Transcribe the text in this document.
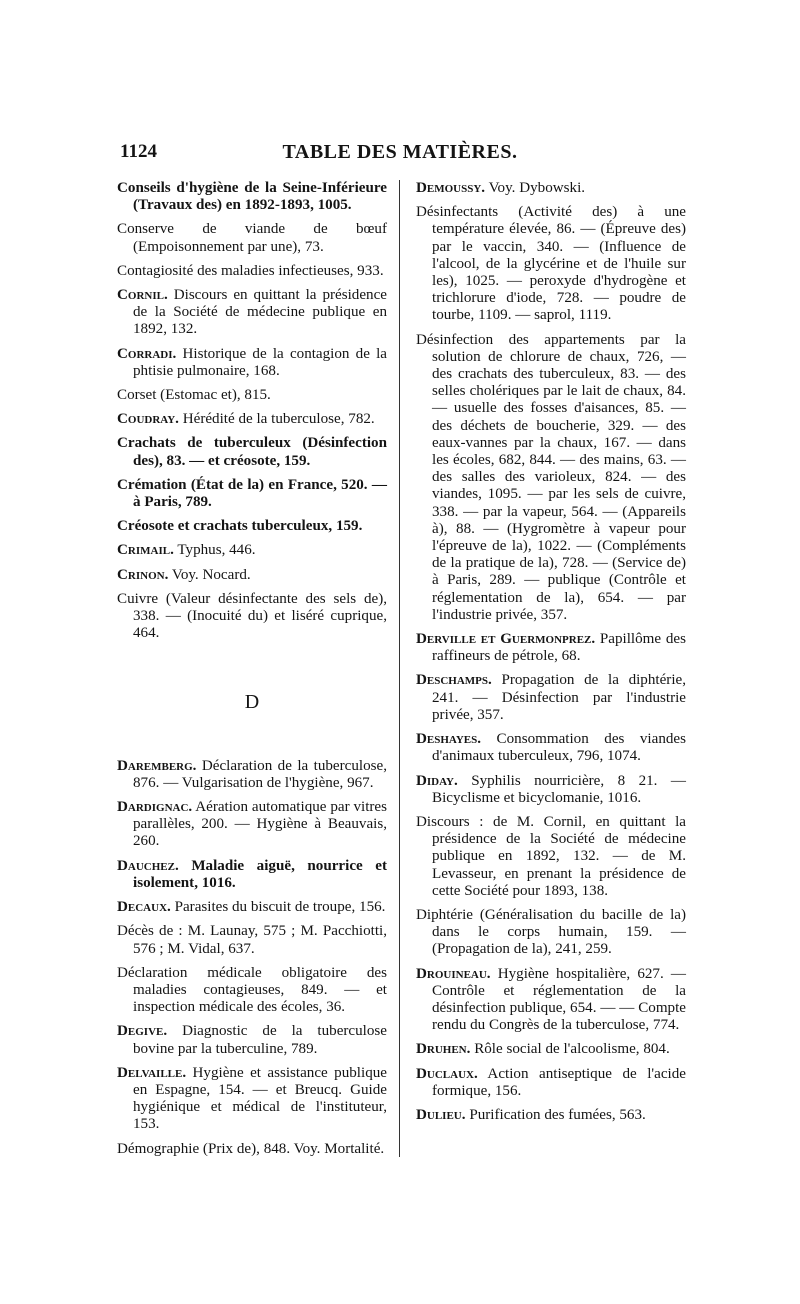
1124	TABLE DES MATIÈRES.

Conseils d'hygiène de la Seine-Inférieure (Travaux des) en 1892-1893, 1005.

Conserve de viande de bœuf (Empoisonnement par une), 73.

Contagiosité des maladies infectieuses, 933.

Cornil. Discours en quittant la présidence de la Société de médecine publique en 1892, 132.

Corradi. Historique de la contagion de la phtisie pulmonaire, 168.

Corset (Estomac et), 815.

Coudray. Hérédité de la tuberculose, 782.

Crachats de tuberculeux (Désinfection des), 83. — et créosote, 159.

Crémation (État de la) en France, 520. — à Paris, 789.

Créosote et crachats tuberculeux, 159.

Crimail. Typhus, 446.

Crinon. Voy. Nocard.

Cuivre (Valeur désinfectante des sels de), 338. — (Inocuité du) et liséré cuprique, 464.

D

Daremberg. Déclaration de la tuberculose, 876. — Vulgarisation de l'hygiène, 967.

Dardignac. Aération automatique par vitres parallèles, 200. — Hygiène à Beauvais, 260.

Dauchez. Maladie aiguë, nourrice et isolement, 1016.

Decaux. Parasites du biscuit de troupe, 156.

Décès de : M. Launay, 575 ; M. Pacchiotti, 576 ; M. Vidal, 637.

Déclaration médicale obligatoire des maladies contagieuses, 849. — et inspection médicale des écoles, 36.

Degive. Diagnostic de la tuberculose bovine par la tuberculine, 789.

Delvaille. Hygiène et assistance publique en Espagne, 154. — et Breucq. Guide hygiénique et médical de l'instituteur, 153.

Démographie (Prix de), 848. Voy. Mortalité.

Demoussy. Voy. Dybowski.

Désinfectants (Activité des) à une température élevée, 86. — (Épreuve des) par le vaccin, 340. — (Influence de l'alcool, de la glycérine et de l'huile sur les), 1025. — peroxyde d'hydrogène et trichlorure d'iode, 728. — poudre de tourbe, 1109. — saprol, 1119.

Désinfection des appartements par la solution de chlorure de chaux, 726, — des crachats des tuberculeux, 83. — des selles cholériques par le lait de chaux, 84. — usuelle des fosses d'aisances, 85. — des déchets de boucherie, 329. — des eaux-vannes par la chaux, 167. — dans les écoles, 682, 844. — des mains, 63. — des salles des varioleux, 824. — des viandes, 1095. — par les sels de cuivre, 338. — par la vapeur, 564. — (Appareils à), 88. — (Hygromètre à vapeur pour l'épreuve de la), 1022. — (Compléments de la pratique de la), 728. — (Service de) à Paris, 289. — publique (Contrôle et réglementation de la), 654. — par l'industrie privée, 357.

Derville et Guermonprez. Papillôme des raffineurs de pétrole, 68.

Deschamps. Propagation de la diphtérie, 241. — Désinfection par l'industrie privée, 357.

Deshayes. Consommation des viandes d'animaux tuberculeux, 796, 1074.

Diday. Syphilis nourricière, 8 21. — Bicyclisme et bicyclomanie, 1016.

Discours : de M. Cornil, en quittant la présidence de la Société de médecine publique en 1892, 132. — de M. Levasseur, en prenant la présidence de cette Société pour 1893, 138.

Diphtérie (Généralisation du bacille de la) dans le corps humain, 159. — (Propagation de la), 241, 259.

Drouineau. Hygiène hospitalière, 627. — Contrôle et réglementation de la désinfection publique, 654. — — Compte rendu du Congrès de la tuberculose, 774.

Druhen. Rôle social de l'alcoolisme, 804.

Duclaux. Action antiseptique de l'acide formique, 156.

Dulieu. Purification des fumées, 563.
